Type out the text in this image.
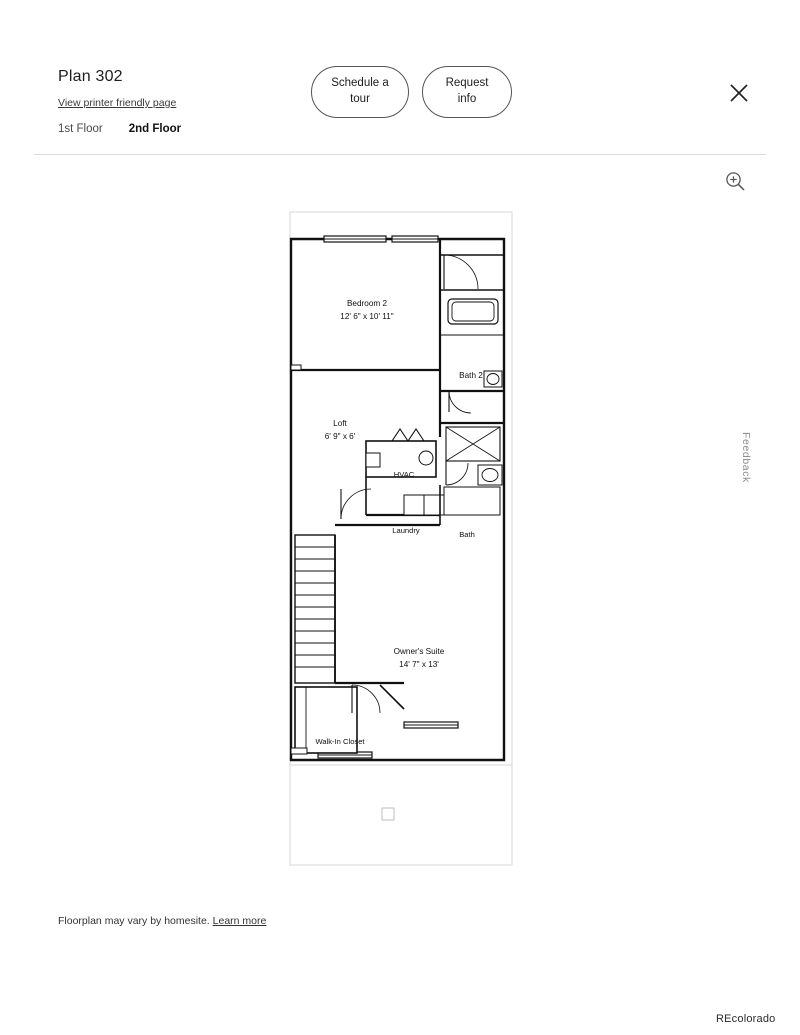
Plan 302
View printer friendly page
1st Floor 2nd Floor
Schedule a tour
Request info
Feedback
Bedroom 2
12' 6" x 10' 11"
Bath 2
Loft
6' 9" x 6'
HVAC
Laundry	Bath
Owner's Suite
14' 7" x 13'
Walk-In Closet
Floorplan may vary by homesite. Learn more
REcolorado
